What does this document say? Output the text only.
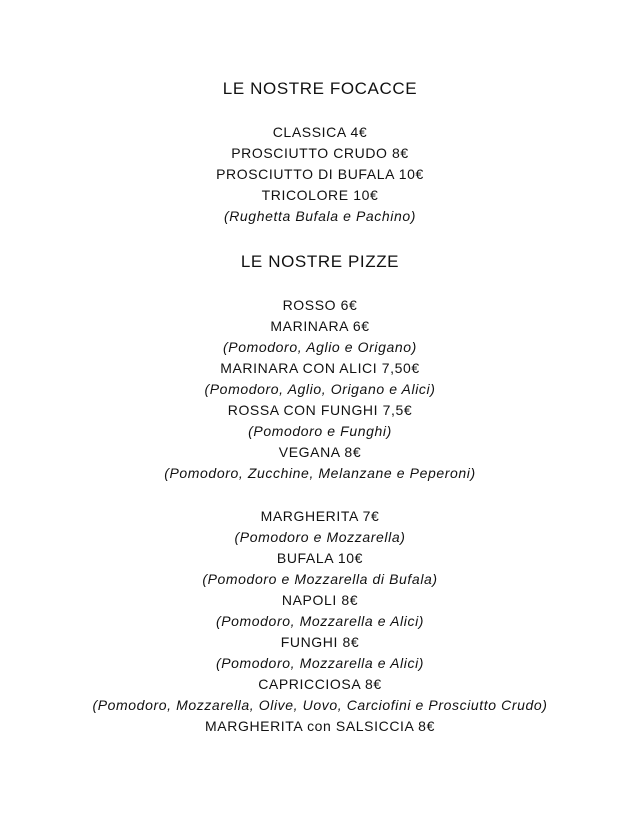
LE NOSTRE FOCACCE
CLASSICA 4€
PROSCIUTTO CRUDO 8€
PROSCIUTTO DI BUFALA 10€
TRICOLORE 10€
(Rughetta Bufala e Pachino)
LE NOSTRE PIZZE
ROSSO 6€
MARINARA 6€
(Pomodoro, Aglio e Origano)
MARINARA CON ALICI 7,50€
(Pomodoro, Aglio, Origano e Alici)
ROSSA CON FUNGHI 7,5€
(Pomodoro e Funghi)
VEGANA 8€
(Pomodoro, Zucchine, Melanzane e Peperoni)
MARGHERITA 7€
(Pomodoro e Mozzarella)
BUFALA 10€
(Pomodoro e Mozzarella di Bufala)
NAPOLI 8€
(Pomodoro, Mozzarella e Alici)
FUNGHI 8€
(Pomodoro, Mozzarella e Alici)
CAPRICCIOSA 8€
(Pomodoro, Mozzarella, Olive, Uovo, Carciofini e Prosciutto Crudo)
MARGHERITA con SALSICCIA 8€
